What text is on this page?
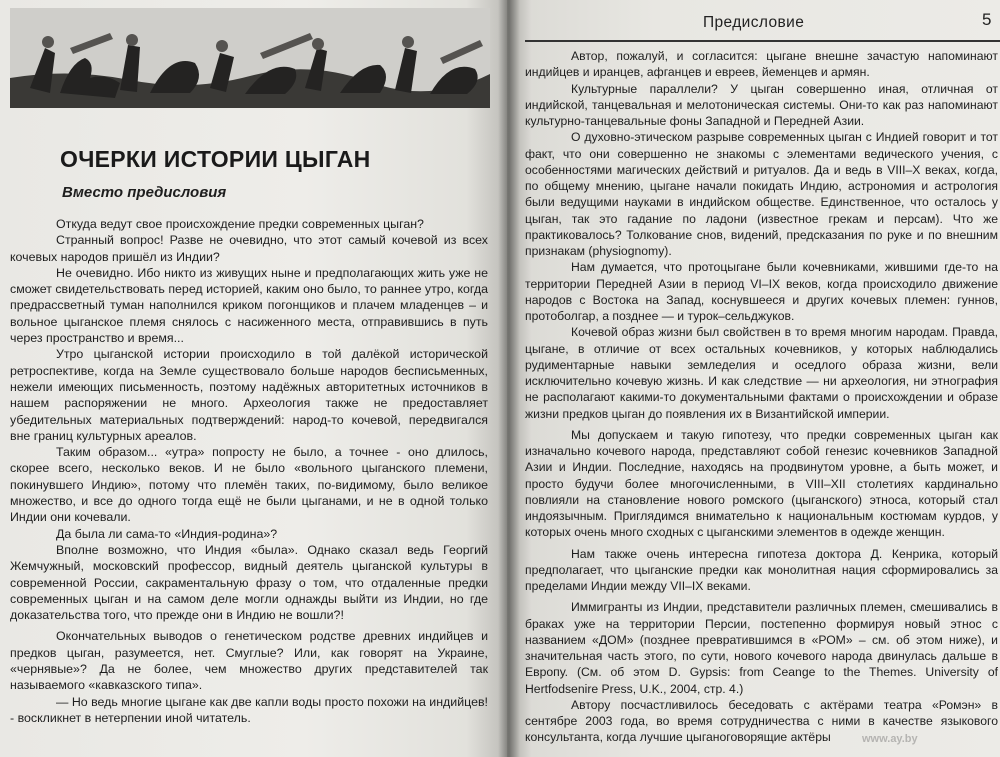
ОЧЕРКИ ИСТОРИИ ЦЫГАН
Вместо предисловия

Откуда ведут свое происхождение предки современных цыган?

Странный вопрос! Разве не очевидно, что этот самый кочевой из всех кочевых народов пришёл из Индии?

Не очевидно. Ибо никто из живущих ныне и предполагающих жить уже не сможет свидетельствовать перед историей, каким оно было, то раннее утро, когда предрассветный туман наполнился криком погонщиков и плачем младенцев – и вольное цыганское племя снялось с насиженного места, отправившись в путь через пространство и время...

Утро цыганской истории происходило в той далёкой исторической ретроспективе, когда на Земле существовало больше народов бесписьменных, нежели имеющих письменность, поэтому надёжных авторитетных источников в нашем распоряжении не много. Археология также не предоставляет убедительных материальных подтверждений: народ-то кочевой, передвигался вне границ культурных ареалов.

Таким образом... «утра» попросту не было, а точнее - оно длилось, скорее всего, несколько веков. И не было «вольного цыганского племени, покинувшего Индию», потому что племён таких, по-видимому, было великое множество, и все до одного тогда ещё не были цыганами, и не в одной только Индии они кочевали.

Да была ли сама-то «Индия-родина»?

Вполне возможно, что Индия «была». Однако сказал ведь Георгий Жемчужный, московский профессор, видный деятель цыганской культуры в современной России, сакраментальную фразу о том, что отдаленные предки современных цыган и на самом деле могли однажды выйти из Индии, но где доказательства того, что прежде они в Индию не вошли?!

Окончательных выводов о генетическом родстве древних индийцев и предков цыган, разумеется, нет. Смуглые? Или, как говорят на Украине, «чернявые»? Да не более, чем множество других представителей так называемого «кавказского типа».

— Но ведь многие цыгане как две капли воды просто похожи на индийцев! - воскликнет в нетерпении иной читатель.

Предисловие	5

Автор, пожалуй, и согласится: цыгане внешне зачастую напоминают индийцев и иранцев, афганцев и евреев, йеменцев и армян.

Культурные параллели? У цыган совершенно иная, отличная от индийской, танцевальная и мелотоническая системы. Они-то как раз напоминают культурно-танцевальные фоны Западной и Передней Азии.

О духовно-этическом разрыве современных цыган с Индией говорит и тот факт, что они совершенно не знакомы с элементами ведического учения, с особенностями магических действий и ритуалов. Да и ведь в VIII–X веках, когда, по общему мнению, цыгане начали покидать Индию, астрономия и астрология были ведущими науками в индийском обществе. Единственное, что осталось у цыган, так это гадание по ладони (известное грекам и персам). Что же практиковалось? Толкование снов, видений, предсказания по руке и по внешним признакам (physiognomy).

Нам думается, что протоцыгане были кочевниками, жившими где-то на территории Передней Азии в период VI–IX веков, когда происходило движение народов с Востока на Запад, коснувшееся и других кочевых племен: гуннов, протоболгар, а позднее — и турок–сельджуков.

Кочевой образ жизни был свойствен в то время многим народам. Правда, цыгане, в отличие от всех остальных кочевников, у которых наблюдались рудиментарные навыки земледелия и оседлого образа жизни, вели исключительно кочевую жизнь. И как следствие — ни археология, ни этнография не располагают какими-то документальными фактами о происхождении и образе жизни предков цыган до появления их в Византийской империи.

Мы допускаем и такую гипотезу, что предки современных цыган как изначально кочевого народа, представляют собой генезис кочевников Западной Азии и Индии. Последние, находясь на продвинутом уровне, а быть может, и просто будучи более многочисленными, в VIII–XII столетиях кардинально повлияли на становление нового ромского (цыганского) этноса, который стал индоязычным. Приглядимся внимательно к национальным костюмам курдов, у которых очень много сходных с цыганскими элементов в одежде женщин.

Нам также очень интересна гипотеза доктора Д. Кенрика, который предполагает, что цыганские предки как монолитная нация сформировались за пределами Индии между VII–IX веками.

Иммигранты из Индии, представители различных племен, смешивались в браках уже на территории Персии, постепенно формируя новый этнос с названием «ДОМ» (позднее превратившимся в «РОМ» – см. об этом ниже), и значительная часть этого, по сути, нового кочевого народа двинулась дальше в Европу. (См. об этом D. Gypsis: from Ceange to the Themes. University of Hertfodsenire Press, U.K., 2004, стр. 4.)

Автору посчастливилось беседовать с актёрами театра «Ромэн» в сентябре 2003 года, во время сотрудничества с ними в качестве языкового консультанта, когда лучшие цыганоговорящие актёры	www.ay.by
